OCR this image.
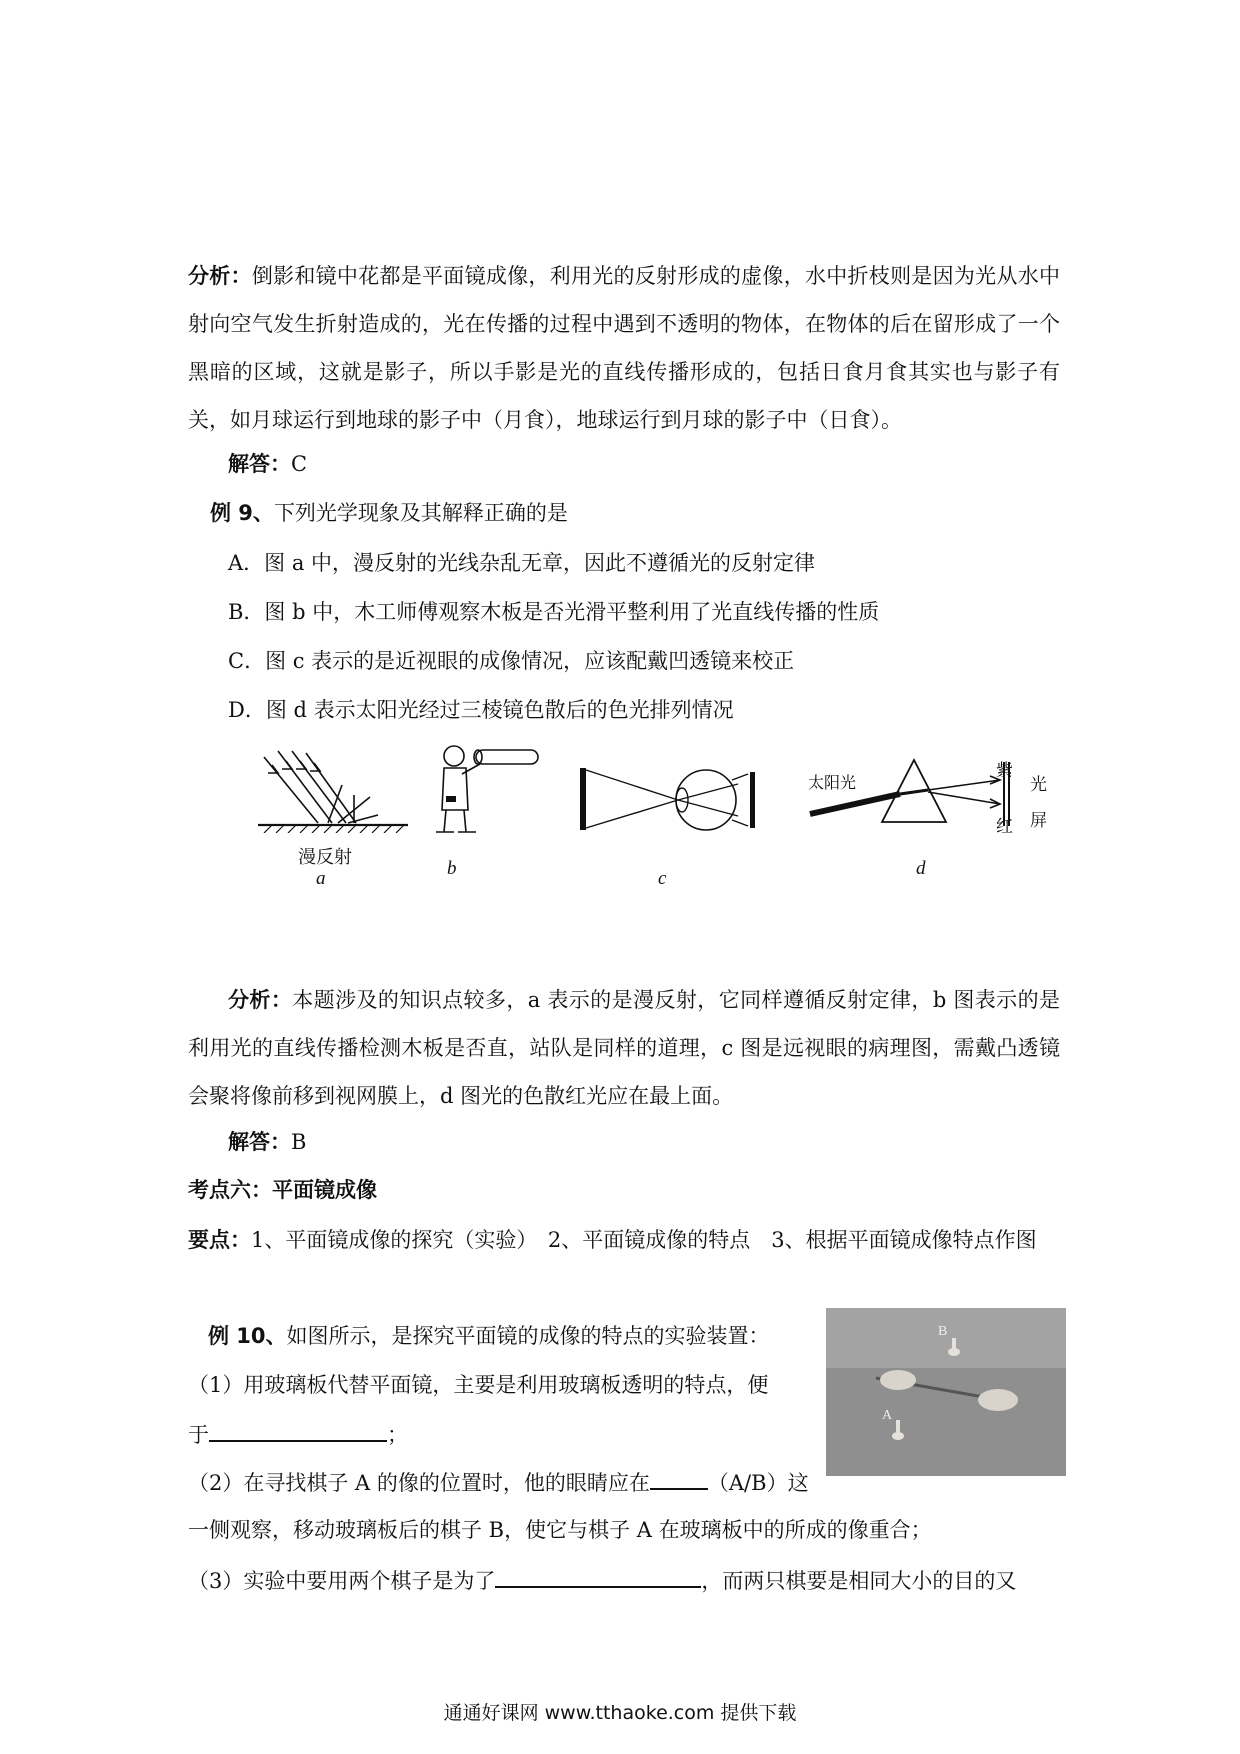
分析：倒影和镜中花都是平面镜成像，利用光的反射形成的虚像，水中折枝则是因为光从水中射向空气发生折射造成的，光在传播的过程中遇到不透明的物体，在物体的后在留形成了一个黑暗的区域，这就是影子，所以手影是光的直线传播形成的，包括日食月食其实也与影子有关，如月球运行到地球的影子中（月食），地球运行到月球的影子中（日食）。
解答：C
例 9、下列光学现象及其解释正确的是
A．图 a 中，漫反射的光线杂乱无章，因此不遵循光的反射定律
B．图 b 中，木工师傅观察木板是否光滑平整利用了光直线传播的性质
C．图 c 表示的是近视眼的成像情况，应该配戴凹透镜来校正
D．图 d 表示太阳光经过三棱镜色散后的色光排列情况
漫反射
a	b	c
太阳光
紫
红
光
屏
d
分析：本题涉及的知识点较多，a 表示的是漫反射，它同样遵循反射定律，b 图表示的是利用光的直线传播检测木板是否直，站队是同样的道理，c 图是远视眼的病理图，需戴凸透镜会聚将像前移到视网膜上，d 图光的色散红光应在最上面。
解答：B
考点六：平面镜成像
要点：1、平面镜成像的探究（实验）　2、平面镜成像的特点　3、根据平面镜成像特点作图
例 10、如图所示，是探究平面镜的成像的特点的实验装置：
（1）用玻璃板代替平面镜，主要是利用玻璃板透明的特点，便
于	；
（2）在寻找棋子 A 的像的位置时，他的眼睛应在	（A/B）这
一侧观察，移动玻璃板后的棋子 B，使它与棋子 A 在玻璃板中的所成的像重合；
（3）实验中要用两个棋子是为了	，而两只棋要是相同大小的目的又
B
A
通通好课网 www.tthaoke.com 提供下载
